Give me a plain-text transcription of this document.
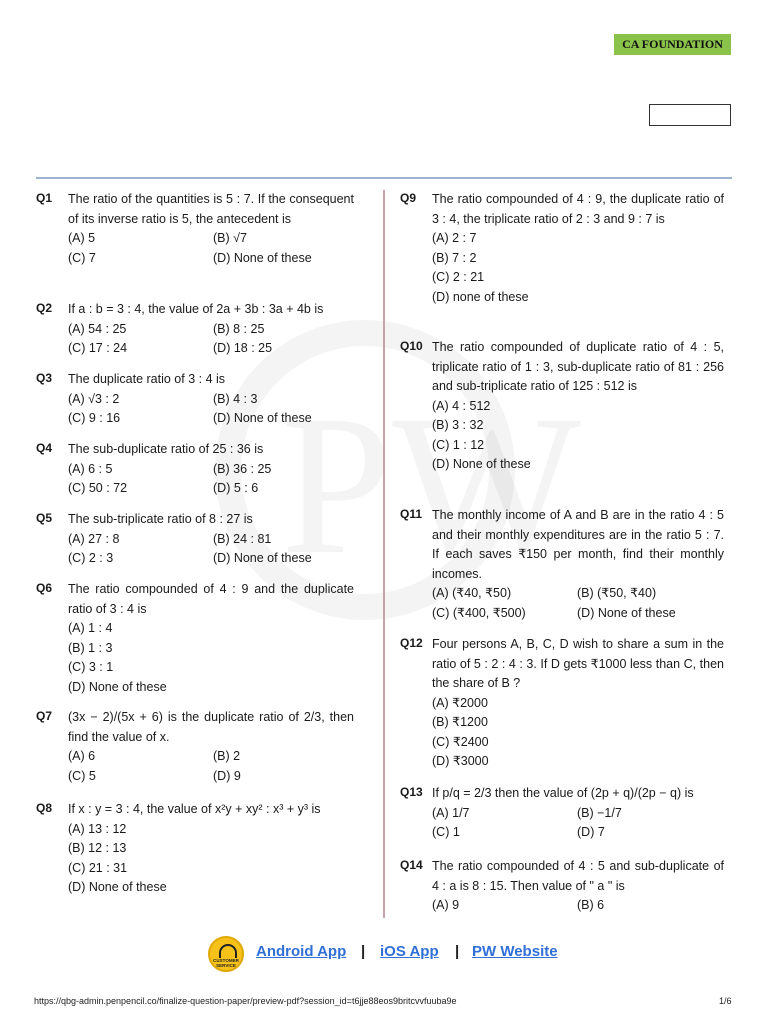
CA FOUNDATION
Q1	The ratio of the quantities is 5 : 7. If the consequent of its inverse ratio is 5, the antecedent is

(A) 5	(B) √7
(C) 7	(D) None of these
Q2	If a : b = 3 : 4, the value of 2a + 3b : 3a + 4b is

(A) 54 : 25	(B) 8 : 25
(C) 17 : 24	(D) 18 : 25
Q3	The duplicate ratio of 3 : 4 is

(A) √3 : 2	(B) 4 : 3
(C) 9 : 16	(D) None of these
Q4	The sub-duplicate ratio of 25 : 36 is

(A) 6 : 5	(B) 36 : 25
(C) 50 : 72	(D) 5 : 6
Q5	The sub-triplicate ratio of 8 : 27 is

(A) 27 : 8	(B) 24 : 81
(C) 2 : 3	(D) None of these
Q6	The ratio compounded of 4 : 9 and the duplicate ratio of 3 : 4 is

(A) 1 : 4
(B) 1 : 3
(C) 3 : 1
(D) None of these
Q7	(3x − 2)/(5x + 6) is the duplicate ratio of 2/3, then find the value of x.

(A) 6	(B) 2
(C) 5	(D) 9
Q8	If x : y = 3 : 4, the value of x²y + xy² : x³ + y³ is

(A) 13 : 12
(B) 12 : 13
(C) 21 : 31
(D) None of these
Q9	The ratio compounded of 4 : 9, the duplicate ratio of 3 : 4, the triplicate ratio of 2 : 3 and 9 : 7 is

(A) 2 : 7
(B) 7 : 2
(C) 2 : 21
(D) none of these
Q10 The ratio compounded of duplicate ratio of 4 : 5, triplicate ratio of 1 : 3, sub-duplicate ratio of 81 : 256 and sub-triplicate ratio of 125 : 512 is

(A) 4 : 512
(B) 3 : 32
(C) 1 : 12
(D) None of these
Q11 The monthly income of A and B are in the ratio 4 : 5 and their monthly expenditures are in the ratio 5 : 7. If each saves ₹150 per month, find their monthly incomes.

(A) (₹40, ₹50)	(B) (₹50, ₹40)
(C) (₹400, ₹500)	(D) None of these
Q12 Four persons A, B, C, D wish to share a sum in the ratio of 5 : 2 : 4 : 3. If D gets ₹1000 less than C, then the share of B ?

(A) ₹2000
(B) ₹1200
(C) ₹2400
(D) ₹3000
Q13 If p/q = 2/3 then the value of (2p + q)/(2p − q) is

(A) 1/7	(B) −1/7
(C) 1	(D) 7
Q14 The ratio compounded of 4 : 5 and sub-duplicate of 4 : a is 8 : 15. Then value of " a " is

(A) 9	(B) 6
CUSTOMER SERVICE
Android App | iOS App | PW Website
https://qbg-admin.penpencil.co/finalize-question-paper/preview-pdf?session_id=t6jje88eos9britcvvfuuba9e	1/6
